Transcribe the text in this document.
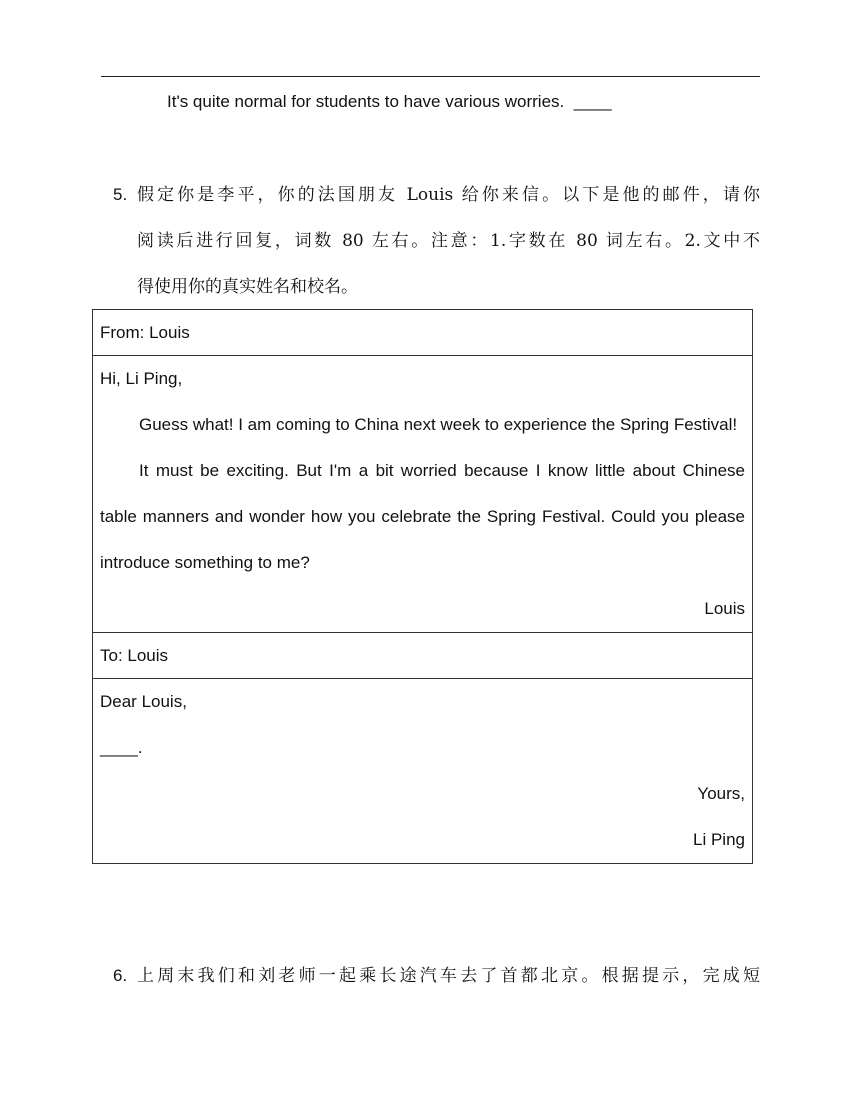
It's quite normal for students to have various worries. ____
5. 假定你是李平，你的法国朋友 Louis 给你来信。以下是他的邮件，请你
阅读后进行回复，词数 80 左右。注意：1.字数在 80 词左右。2.文中不
得使用你的真实姓名和校名。
From: Louis

Hi, Li Ping,
Guess what! I am coming to China next week to experience the Spring Festival!
It must be exciting. But I'm a bit worried because I know little about Chinese table manners and wonder how you celebrate the Spring Festival. Could you please introduce something to me?
Louis

To: Louis

Dear Louis,
____.
Yours,
Li Ping
6. 上周末我们和刘老师一起乘长途汽车去了首都北京。根据提示，完成短
